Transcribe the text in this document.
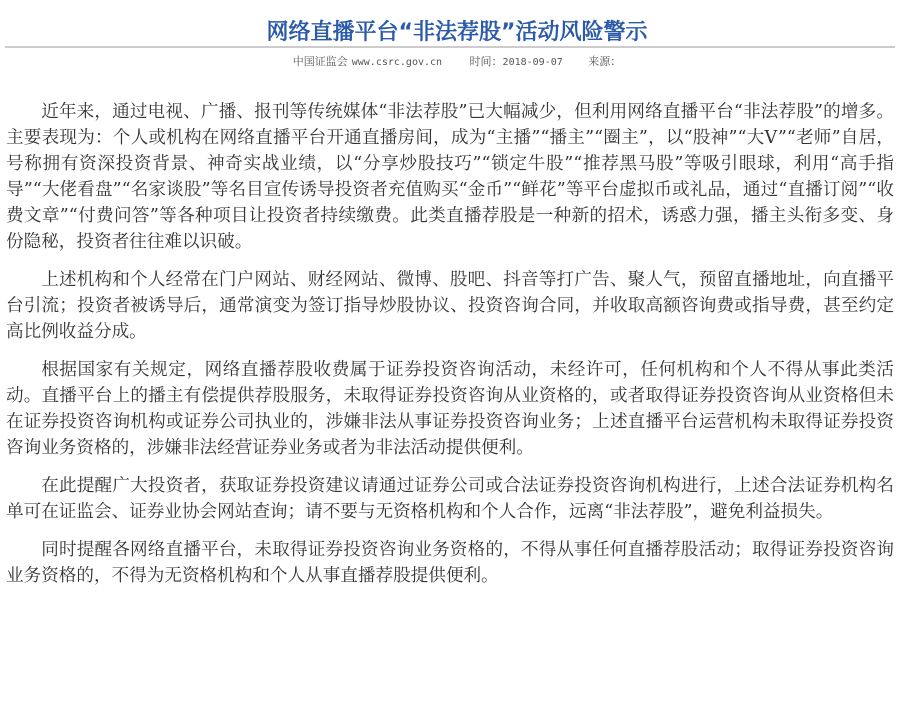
网络直播平台“非法荐股”活动风险警示
中国证监会 www.csrc.gov.cn	时间：2018-09-07 来源：

近年来，通过电视、广播、报刊等传统媒体“非法荐股”已大幅减少，但利用网络直播平台“非法荐股”的增多。主要表现为：个人或机构在网络直播平台开通直播房间，成为“主播”“播主”“圈主”，以“股神”“大V”“老师”自居，号称拥有资深投资背景、神奇实战业绩，以“分享炒股技巧”“锁定牛股”“推荐黑马股”等吸引眼球，利用“高手指导”“大佬看盘”“名家谈股”等名目宣传诱导投资者充值购买“金币”“鲜花”等平台虚拟币或礼品，通过“直播订阅”“收费文章”“付费问答”等各种项目让投资者持续缴费。此类直播荐股是一种新的招术，诱惑力强，播主头衔多变、身份隐秘，投资者往往难以识破。

上述机构和个人经常在门户网站、财经网站、微博、股吧、抖音等打广告、聚人气，预留直播地址，向直播平台引流；投资者被诱导后，通常演变为签订指导炒股协议、投资咨询合同，并收取高额咨询费或指导费，甚至约定高比例收益分成。

根据国家有关规定，网络直播荐股收费属于证券投资咨询活动，未经许可，任何机构和个人不得从事此类活动。直播平台上的播主有偿提供荐股服务，未取得证券投资咨询从业资格的，或者取得证券投资咨询从业资格但未在证券投资咨询机构或证券公司执业的，涉嫌非法从事证券投资咨询业务；上述直播平台运营机构未取得证券投资咨询业务资格的，涉嫌非法经营证券业务或者为非法活动提供便利。

在此提醒广大投资者，获取证券投资建议请通过证券公司或合法证券投资咨询机构进行，上述合法证券机构名单可在证监会、证券业协会网站查询；请不要与无资格机构和个人合作，远离“非法荐股”，避免利益损失。

同时提醒各网络直播平台，未取得证券投资咨询业务资格的，不得从事任何直播荐股活动；取得证券投资咨询业务资格的，不得为无资格机构和个人从事直播荐股提供便利。
